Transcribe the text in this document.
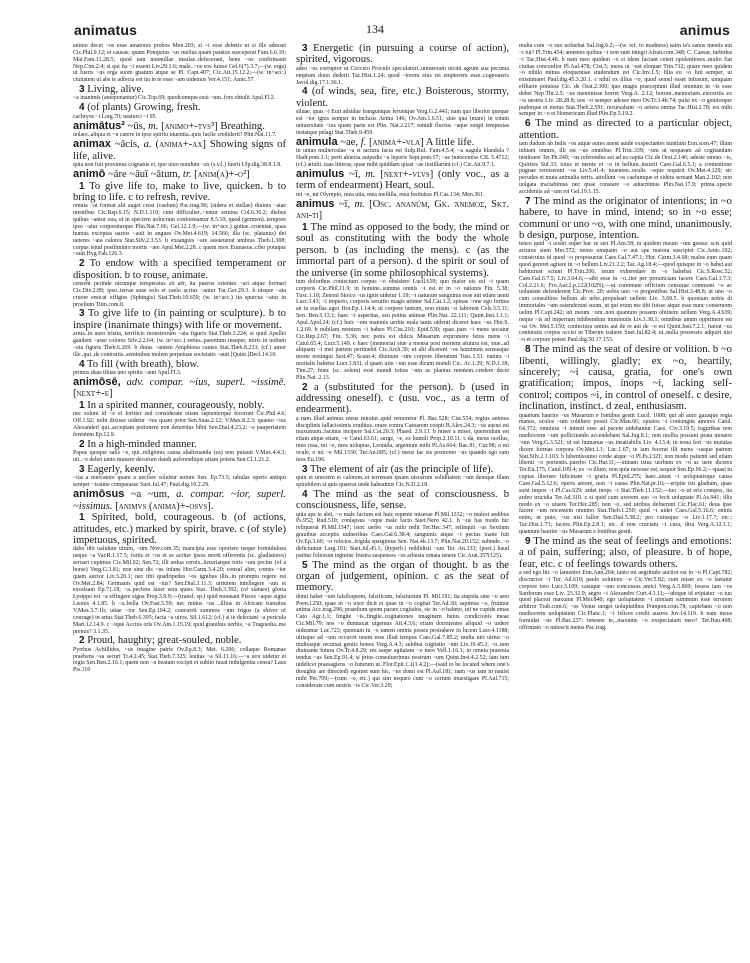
animatus	134	animus

animo decet ~os esse amatores probos Men.203; si ~i esse debetis ut si ille adesset Cic.Phil.9.12; ei causae, quam Pompeius ~us melius quam paratus susceperat Fam.6.6.10; Mat.Fam.11.28.5; quod iam nonnullae insulae..defecerant, bene ~os confirmauit Nep.Cim.2.4; si qui ita ~i essent Liv.29.1.6; male..~os eos fuisse Gel.6(7).3.7;—(w. erga) ut fueris ~us erga suom gnatum atque se Pl. Capt.407; Cic.Att.15.12.2;—(w. in+acc.) ciuitatem ut abs te adfecta est ita in te esse ~am uidemus Ver.4.151; Amic.57.

3 Living, alive.

~a inanimis (anteponantur) Cic.Top.69; quodcumque esui ~um..fors obtulit Apul.Fl.2.

4 (of plants) Growing, fresh.

cachryos ~i Larg.70; nasturci ~i 95.

animātus² ~ūs, m. [animo+-tvs³] Breathing.

uolare..aliqua et ~u carere in ipso spiritu uiuentia..quis facile crediderit? Plin.Nat.11.7.

animax ~ācis, a. (anima+-ax] Showing signs of life, alive.

quia non fuit proximus cognatus ei, quo uiuo nondum ~ax (s.v.l.) fuerit Ulp.dig.38.8.1.8.

animō ~āre ~āuī ~ātum, tr. [anim(a)+-o²]

1 To give life to, make to live, quicken. b to bring to life. c to refresh, revive.

omnia ~at format alit auget creat (caelum) Pac.trag.90; (sidera et stellae) diuinis ~atae mentibus Cic.Rep.6.15; N.D.1.110; cum difficulter..~entur semina Col.6.36.2; diebus quibus ~antur oua, et in speciem uolucrum conformantur 8.5.10; quod (germen)..tempore ipso ~atur corporaturque Plin.Nat.7.66; Gel.12.1.9;—(w. in+acc.) guttae..cruentae, quas humus exceptas uarios ~auit in angues Ov.Met.4.619; 14.566; illa (sc. platanus) dei ueteres ~ata calores Stat.Silv.2.3.53. b exsanguis ~are assueuerat umbras Theb.1.308; corpus istud postliminio mortis ~are Apul.Met.2.28. c quem mox Eumaeus..cibo potuque ~auit Hyg.Fab.126.3.

2 To endow with a specified temperament or disposition. b to rouse, animate.

censent perinde utcunque temperatus sit aër, ita pueros orientes ~ari atque formari Cic.Div.2.89; ipso..terrae suae solo et caelo acrius ~antur Tac.Ger.29.3. b uisque ~ata cruore emicat effigies (Sphingis) Stat.Theb.10.659; (w. in+acc.) ita spurcus ~atur in proelium Titin.com.8.

3 To give life to (in painting or sculpture). b to inspire (inanimate things) with life or movement.

arma..in auro tristia, terrificis monstrorum ~ata figuris Stat.Theb.3.224; si quid Apellei gaudent ~asse colores Silv.2.2.64; (w. in+acc.) series..parentum insuper, miris in uultum ~ata figuris Theb.6.269. b duras ~antem Amphiona cautes Stat.Theb.8.233; (cf.) amor ille..qui..de contrariis..seminibus molem perpetuae societatis ~auit [Quint.]Decl.14.10.

4 To fill (with breath), blow.

primus duas tibias uno spiritu ~auit Apul.Fl.3.

animōsē, adv. compar. ~ius, superl. ~issimē. [next+-e]

1 In a spirited manner, courageously, nobly.

nec solum id ~e et fortiter sed considerate etiam sapienterque fecerunt Cic.Phil.4.6; Off.1.92; mihi dixisse uidetur ~ius quam prior Sen.Suas.2.12; V.Max.8.2.3; quanto ~ius Alexander! qui..acceptam potionem non deterritus bibit Sen.Dial.4.23.2; ~e paupertatem ferentem Ep.12.9.

2 In a high-minded manner.

Papus quoque satis ~e, qui..religionis causa abalienanda (ea) non putauit V.Max.4.4.3; uti..~e debet tanto munere decorum dandi auferendique uitam potens Sen.Cl.1.21.2.

3 Eagerly, keenly.

~ius a mercatore quam a uectore soluitur uotum Sen. Ep.73.5; tabulas operis antiqui semper ~issime comparasse Suet.Jul.47; Paul.dig.10.2.29.

animōsus ~a ~um, a. compar. ~ior, superl. ~issimus. [animvs (anima)+-osvs].

1 Spirited, bold, courageous. b (of actions, attitudes, etc.) marked by spirit, brave. c (of style) impetuous, spirited.

dabo tibi ualidum uirum, ~um Nov.com.35; mancipia esse oportere neque formidulosa neque ~a Var.R.1.17.5; fortis et ~os et se acriter ipsos morti offerentis (sc. gladiatores) seruari cupimus Cic.Mil.92; Sen.72; illi ardua ceruix..luxuriatque toris ~um pectus (of a horse) Verg.G.3.81; non sine dis ~us infans Hor.Carm.3.4.20; consul alter, comes ~ior quam auctor Liv.3.20.1; nec tibi quadripedes ~os ignibus illis..in promptu regere est Ov.Met.2.84; Germanis quid est ~ius? Sen.Dial.3.11.3; uirtutem intellegere ~am et excelsam Ep.71.18; ~a..pectora laxet sera quies Stat. Theb.3.392; (of statues) gloria Lysippo est ~a effingere signa Prop.3.9.9;—(transf. sp.) quid moueant Pisces ~aque signa Leonis 4.1.85. b ~a..bella Ov.Fast.5.59; nec minus ~us ..illius in Africam transitus V.Max.3.7.1b; uitae ~ior Sen.Ep.104.2; concurrit summos ~um frigus (a shiver of courage) in artus Stat.Theb.6.395; facta ~a uiros. Sil.1.612; (cf.) si te delectant ~a pericula Mart.12.14.9. c ~ique Accius oris Ov.Am.1.15.19; quid grauibus uerbis, ~a Tragoedia..me premis? 3.1.35.

2 Proud, haughty; great-souled, noble.

Pyrrhus Achillides, ~us imagine patris Ov.Ep.8.3; Met. 6.206; collaque Romanae praebens ~sa securi Tr.4.2.45; Stat.Theb.7.325; leuitas ~a Sil.11.16;—~a uox uidetur et regia Sen.Ben.2.16.1; quem non ~a beatum excipit et subito iuuat indulgentia censu? Laus Pis.110

3 Energetic (in pursuing a course of action), spirited, vigorous.

adeo ~us corruptor ut Cocceio Proculo speculatori..uniuersum uicini agrum sua pecunia emptum dono dederit Tac.Hist.1.24; quod ~iorem eius rei emptorem esse..cognoueris Javol.dig.17.1.36.1.

4 (of winds, sea, fire, etc.) Boisterous, stormy, violent.

siluae, quas ~i Euri adsidue franguntque feruntque Verg.G.2.441; nam quo liberior quoque est ~ior ignis semper in inclusis Aetna 146; Ov.Am.1.6.51; siue qua (mare) in totum uniuersitate ~ius quam parte est Plin. Nat.2.217; tumidi fluctus ~aque surgit tempestas instatque pelagi Stat.Theb.9.459.

animula ~ae, f. [anima+-vla] A little life.

in unius mulierculae ~a si iactura facta est Sulp.Ruf. Fam.4.5.4; ~a uagula blandula ? Hadr.poet.3.1; perit abiecta auipedis ~a leporis Sept.poet.17; ~ae innocentiss CIL 5.4712; (cf.) attulit..tuas litteras; quae mihi quiddam quasi ~ae instillarunt (cf.) Cic.Att.9.7.1.

animulus ~ī, m. [next+-vlvs] (only voc., as a term of endearment) Heart, soul.

mi ~e, mi Olympio, mea uita, mea mellilla, mea festiuitas Pl.Cas.134; Men.361.

animus ~ī, m. [Osc. ananúm, Gk. ἄνεμος, Skt. ani-ti]

1 The mind as opposed to the body, the mind or soul as constituting with the body the whole person. b (as including the mens). c (as the immortal part of a person). d the spirit or soul of the universe (in some philosophical systems).

tum doloribus coniectum corpus ~o obsistere Lucil.639; quo maior uis est ~i quam corporis Cic.Phil.11.9; in homine..summa omnis ~i est et in ~o rationis Fin. 5.38; Tusc.1.18; Zenoni Stoico ~us ignis uidetur 1.19; ~i naturam sanguinis esse aut etiam uenti Lucr.3.43; ~i imperio, corporis seruitio magis utimur Sal.Cat.1.2; spinas ~one ego fortius an tu euellas agro Hor.Ep.1.14.4; ut corpore tantum, non etiam ~o laborent Cels.3.5.11; Sen. Ben.5.13.1; haec ~i asperitas, seu potius animae Plin.Nat. 22.111; Quint.Inst.1.1.1; Apul.Apol.24; (cf.) huic ~um matonis uerbis mala tanta uidenti diceret haec ~us Hor.S. 1.2.69. b nubilam mentem ~i habeo Pl.Cist.210; Epid.530; quae..pars ~i mens uocatur Cic.Rep.2.67; Fin. 5.36; nec potis est dulcis Musarum expromere fetus mens ~i Catul.65.4; Lucr.5.149. c haec (memoria) siue a mensa post mortem afutura est, siue..ad aliquam ~i mei partem pertinebit Cic.Arch.30; ut alii dicerent ~os hominum sensusque morte restingui Sest.47; Scaur.4; diuinum ~um corpore liberatum Tusc.1.51. natura ~i mortalis habetur Lucr.3.831. d quam uim ~um esse dicunt mundi Cic. Ac.1.29; N.D.1.18; Tim.27; hunc (sc. solem) esse mundi totius ~um ac planius mentem..credere decet Plin.Nat. 2.13.

2 a (substituted for the person). b (used in addressing oneself). c (usu. voc., as a term of endearment).

a nam illud animus meus miratur..quid remoretur Pl. Bac.528; Cist.554; regius animus disciplinis fallacissimis eruditus..orare contra Caesarem coepit B.Alex.24.3; ~us ausus est maxumum..facinus incipere Sal.Cat.20.3; Phaed. 2.9.13. b miser a miser, querendum est etiam atque etiam, ~e Catul.63.61; surge, ~e, ex humili Prop.2.10.11. c da, meus ocellus, mea rosa, mi ~e, mea uoluptas, Leonida, argentum mihi Pl.As.664; Bac.81; Cur.98; o mi ocule, o mi ~e Mil.1330; Ter.An.685; (cf.) meus fac sis postremo ~us quando ego sum tuos Eu.196.

3 The element of air (as the principle of life).

quin et umorem et calorem..et terrenam ipsam uiscerum soliditatem ~um denique illum spirabilem si quis quaerat unde habeamus Cic.N.D.2.18.

4 The mind as the seat of consciousness. b consciousness, life, sense.

quia aps te abit, ~o male factum est huic repente miserae Pl.Mil.1332; ~o malest aedibus Ps.952; Rud.510; conlapsus ~oque male facto Suet.Nero 42.1. b ~us has modo hic reliquerat Pl.Mil.1347; istoc uerbo ~us mihi redit Ter.Hec.347; relinquit ~us Sextium grauibus acceptis uulneribus Caes.Gal.6.38.4; sanguinis atque ~i pectus inane fuit Ov.Ep.3.60; ~o relictos..frigida spargimus Sen. Nat.4b.13.7; Plin.Nat.20.152; subinde..~o deficiuntur Larg.191; Suet.Jul.45.1; (hyperb.) reddidisti ~um Ter. An.333; (poet.) haud patitur foliorum tegmine frustra suspensos ~os arbusta ornata tenere Cic.Arat.357(125).

5 The mind as the organ of thought. b as the organ of judgement, opinion. c as the seat of memory.

domi habet ~um falsiloquom, falsificum, falsiiurium Pl. Mil.191; ita stupida sine ~o asto Poen.1250; quae in ~o uxor dicit et quae in ~o cogitat Ter.Ad.30; sapimus ~o, fruimur anima Acc.trag.296; praedium quom parare cogitabis, sic in ~o habeto, uti ne cupide emas Cato Agr.1.1; fingite ~is..fingite..cogitationes imaginem huius condicionis meae Cic.Mil.79; nos ~o dumtaxat uigemus Att.4.3.6; etiam dormientes aliquid ~o uidere uideamur Luc.723; quoniam tu ~o tamen omnia possis protrahere in lucem Lucr.4.1188; utrisque ad ~um occurrit unum esse illud tempus Caes.Gal.7.85.2; multa uiri uirtus ~o multusque recursat gentis honos Verg.A.4.3; subibat cogitatio ~um Liv.10.45.3; ~o..non diuinante futura Ov.Tr.4.8.29; res saepe agitatam ~o meo Vell.1.16.1; in omnia praemia tendus ~us Sen.Ep.91.4; si prius consuluerimus nostrum ~um Quint.Inst.4.2.52; iam tum uidelicet praesagiens ~o futurum ut..Flor.Epit.1.1(1.4.2);—(said to be located where one's thoughts are directed) egomet sum hic, ~us domi est Pl.Aul.181; nam ~us iam in nauist mihi Per.709;—(cum ~o, etc.) qui sim nequeo cum ~o certum inuestigare Pl.Aul.715; considerate cum uestris ~is Cic.Ver.3.29;

multa cum ~o suo uoluebat Sal.Jug.6.2;—(w. ref. to madness) satin ta's sanus mentis aut ~i tui? Pl.Trin.454; amentes quibus ~i non sunt integri Afran.com.348; C. Caesar, turbidus ~i Tac.Hist.4.48. b nam meo quidem ~o si idem faciant ceteri opulentiores..multo fiat ciuitas concordior Pl.Aul.478; Cist.5; meus ut ~ust eloquar Trin.712; quare meo quidem ~o nihilo minus eloquentiae studendum est Cic.Inv.1.5; filia eo ~o fuit semper, ut existimaret Paul.dig.45.3.20.1. c nihil ex illius ~o, quod semel esset infusum, umquam effluere potuisse Cic. de Orat.2.300; quo magis praeceptum illud omnium in ~is esse debet Nep.Thr.2.5; ~us meminisse horret Verg.A. 2.12; horum..memoriam..eieceritis ex ~is uestris Liv. 28.28.8; uos ~o semper adesse meo Ov.Tr.3.4b.74; pulsi ex ~o genitorque pudorque et metus Stat.Theb.2.591; recursabant ~o uetera omina Tac.Hist.2.78; est mihi semper in ~o et Homericum illud Plin.Ep.5.19.2.

6 The mind as directed to a particular object, attention.

iam dudum ab Indis ~os atque aures auent auide exspectantes nuntium Enn.scen.47; illum inhiant omnes, illi est ~us omnibus Pl.Truc.339; ~um ut nequeam ad cogitandum instituere Ter.Ph.240; ~us referendus est ad ea capita Cic.de Orat.2.146; adeste omnes ~is, Quirites Sul.33; totus et mente et ~o in bellum..insistit Caes.Gal.6.5.1; a contentione pugnae remiserant ~os Liv.5.41.4; iuuenem..oculis ~oque requirit Ov.Met.4.129; sic pecudes et muta animalia terris..attollunt ~os caelumque et sidera seruant Man.2.102; non uolgata tractabimus nec quae constare ~o aduertimus Plin.Nat.17.9; prima..specie accidentis ad ~um rei Gel.19.1.15.

7 The mind as the originator of intentions; in ~o habere, to have in mind, intend; so in ~o esse; communi or uno ~o, with one mind, unanimously. b design, purpose, intention.

teneo quid ~i uostri super hac re siet Pl.Am.58; tu quidem meum ~um gestas: scis quid acturus siem Mer.572; nemo umquam ~o aut spe maiora suscipiet Cic.Amic.102; consecutus id quod ~o proposuerat Caes.Gal.7.47.1; Hor. Carm.3.4.68; malus eum quam quod gereret agitare in ~o bellum Liv.21.2.2; Tac.Ag.18.4;—quod quisque in ~o habet aut habiturust sciunt Pl.Trin.206; istum exheredare in ~o habebat Cic.S.Rosc.52; Caes.Gal.6.7.5; Liv.3.64.6;—sibi esse in ~o..iter per prouinciam facere Caes.Gal.1.7.3; Col.2.21.6; Fro.Aur.2.p.122(102N);—ut commune officium censurae communi ~o ac uoluntate defenderent Cic.Prov. 20; uobis uno ~o pergentibus Sal.Hist.3.48.8; ut uno ~o cum consulibus bellum ab urbe..propulsari uellent Liv. 3.69.5. b quoniam nobis di immortales ~um ostenderunt suom, ut qui erum me tibi fuisse atque esse nunc conseruom uelim Pl.Capt.242; uti meum ~um..non quantum possem obtinere uellem Verg.A.4.639; neque ~is ad imperium inhibendum imminutis Liv.3.38.1; omnibus unum opprimere est ~us Ov. Met.5.150; coniectura omnis aut de re aut de ~o est Quint.Inst.7.2.1; fuerat ~us coniuratis corpus occisi in Tiberim trahere Suet.Jul.82.4; ut..nulla possessio adquiri nisi ~o et corpore potest Paul.dig.50.17.153.

8 The mind as the seat of desire or volition. b ~o libenti, willingly, gladly; ex ~o, heartily, sincerely; ~i causa, gratia, for one's own gratification; impos, inops ~i, lacking self-control; compos ~i, in control of oneself. c desire, inclination, instinct. d zeal, enthusiasm.

quantum haurire ~us Musarum e fontibus gestit Lucil. 1008; qui ab auro gazaque regia manus, oculos ~um cohibere possit Cic.Man.66; optatos ~i coniungite amores Catul. 64.372; omniura ~i intenti esse ad pacem uidebantur Caes. Civ.3.19.5; Iugurthae non mediocrem ~um pollicitando accendebant Sal.Jug.8.1; non mollia possunt prata mouere ~um Verg.G.3.521; ut est humanus ~us insatiabilis Liv. 4.13.4; in noua fert ~us mutatas dicere formas corpora Ov.Met.1.1; Luc.1.67; te iam fecerat illi mens ~usque patrem Stat.Silv.2.1.103. b lubentissumo corde atque ~o Pl.Ps.1321; non modo patienti sed etiam libenti ~o portentis..parebo Cic.Har.11;—utinam istuc uerbum ex ~o ac uere diceres Ter.Eu.175; Catul.109.4; ex ~o illum, non quia necesse est, sequor Sen.Ep.96.2;—quasi tu cupias liberare fidicinam ~i gratia Pl.Epid.275; haec..aiunt ~i uoluptatisque causa Caes.Gal.5.12.6; operis amore, non ~i causa Plin.Nat.pr.16;—eripite isti gladium, quae suist impos ~i Pl.Cas.629; ardet inops ~i Stat.Theb.11.152;—tuo ~o ut eris compos, ita ardeo trucidia Ter.Ad.310. c si quid cum uxorem suo ~o fecit uoluptate Pl.As.941; illis modo ex ~o uiuere Ter.Hec.285; non ~o, sed uiribus defuerunt Cic.Flac.61; deus ipse facere ~um nocentem omnino Stat.Theb.1.250; quid ~i uidet Caes.Gal.5.16.6; omnis enim, ut puto, ~us nisi fallor Sen.Dial.5.38.2; pro cuiusque ~o Liv.1.17.7; etc.; Tac.Hist.1.73; facere..Plin.Ep.2.8.1; etc. d non cruciatu ~i cura, dira Verg.A.12.1.1; quantum haurire ~us Musarum e fontibus gestit.

9 The mind as the seat of feelings and emotions: a of pain, suffering; also, of pleasure. b of hope, fear, etc. c of feelings towards others.

a sed ego hic ~o lamentor Enn.Ann.204; tanto mi aegritudo auctior est in ~o Pl.Capt.782; discrucior ~i Ter. Ad.610; paulo solutiore ~o Cic.Ver.5.82; cum miser ex ~o laetatur corpore toto Lucr.3.109; casuque ~um concussus amici Verg.A.5.869; fessos iam ~os Sardorum esse Liv. 23.32.9; aegro ~i Alexandro Curt.4.3.11;—ubique id eripiatur ~o tuo quod placeat maxume Pl.Mer.840; ego uoluptatem ~i nimiam summum esse errorem arbitror Trab.com.6; ~os Venus uerget uoluptatibus Pompon.com.78; capiebam ~o non mediocrem uoluptatem Cic.Planc.1; ~i felices credit auaros Juv.14.119. b nam meus formidat ~us Pl.Bac.237; tenesne te,..maxume ~o exspectatam meo? Ter.Hau.408; offirmato ~o mitescit metus Pac.trag.
